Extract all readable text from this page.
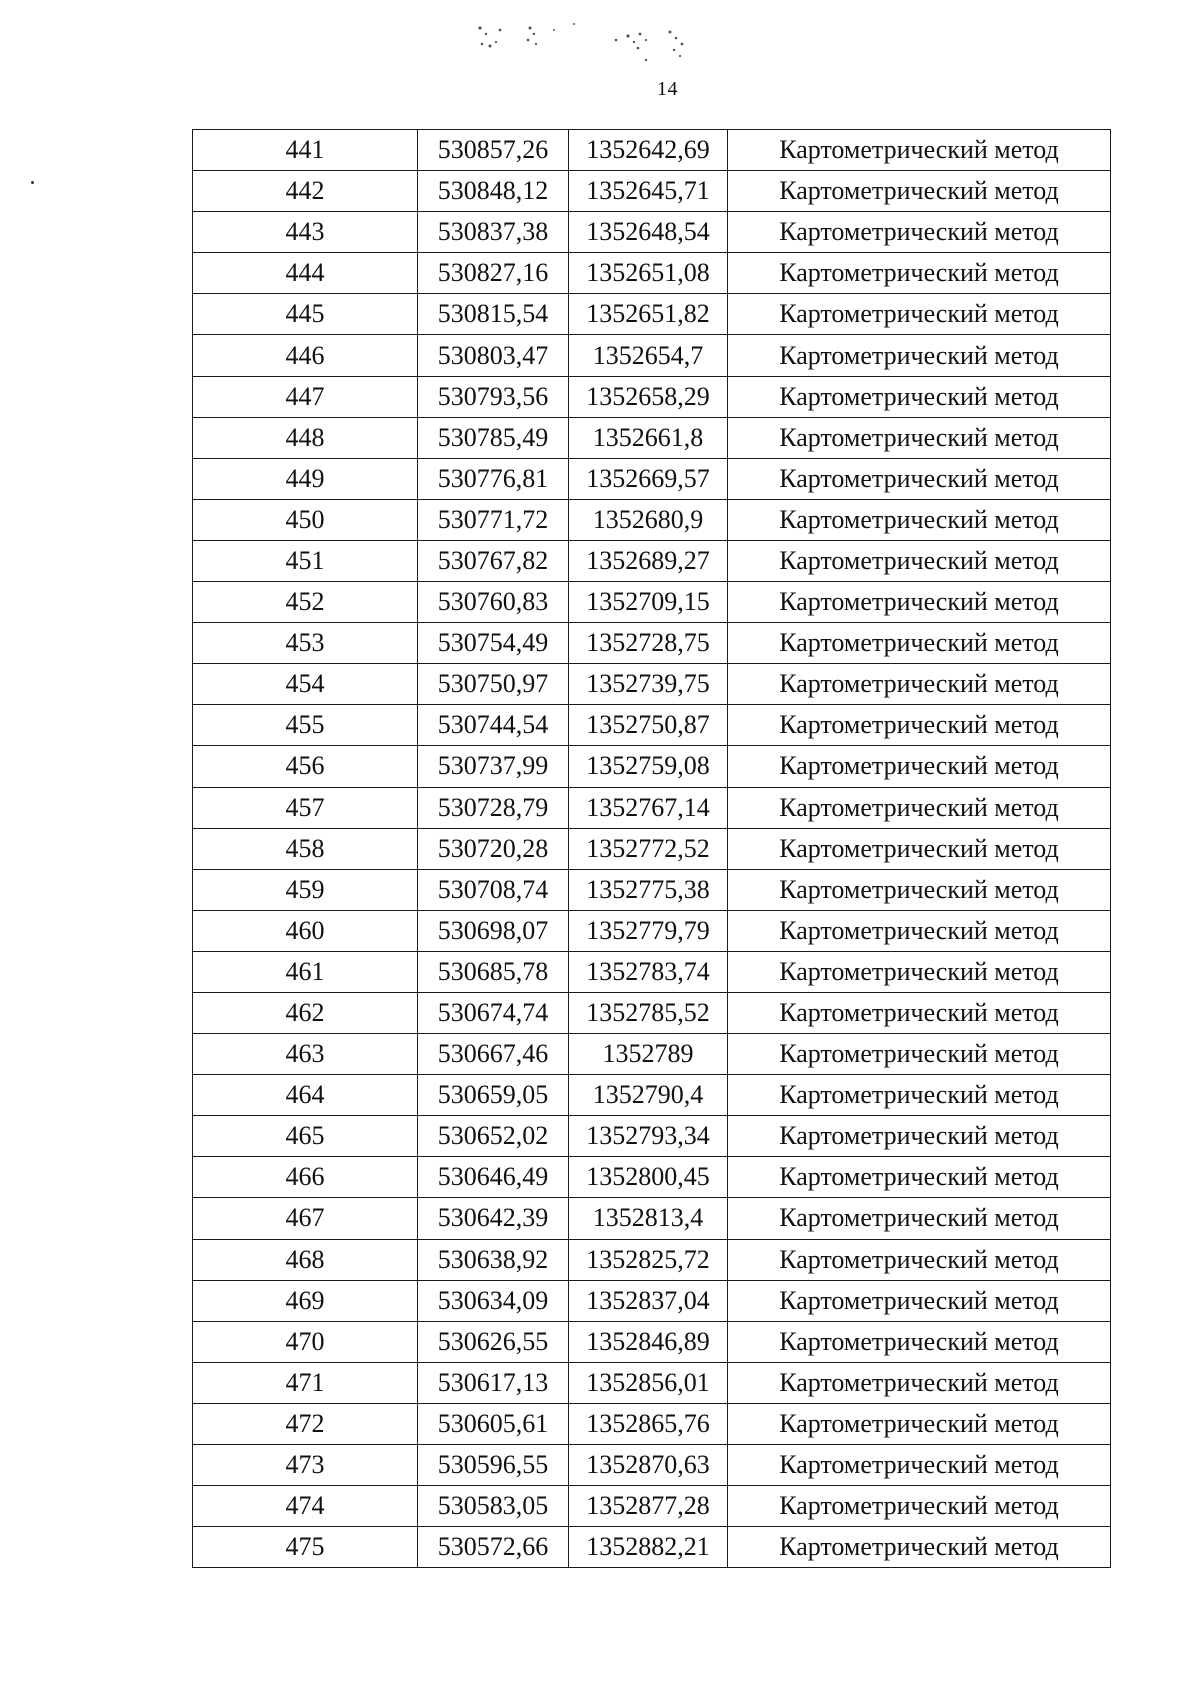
14
441	530857,26	1352642,69	Картометрический метод
442	530848,12	1352645,71	Картометрический метод
443	530837,38	1352648,54	Картометрический метод
444	530827,16	1352651,08	Картометрический метод
445	530815,54	1352651,82	Картометрический метод
446	530803,47	1352654,7	Картометрический метод
447	530793,56	1352658,29	Картометрический метод
448	530785,49	1352661,8	Картометрический метод
449	530776,81	1352669,57	Картометрический метод
450	530771,72	1352680,9	Картометрический метод
451	530767,82	1352689,27	Картометрический метод
452	530760,83	1352709,15	Картометрический метод
453	530754,49	1352728,75	Картометрический метод
454	530750,97	1352739,75	Картометрический метод
455	530744,54	1352750,87	Картометрический метод
456	530737,99	1352759,08	Картометрический метод
457	530728,79	1352767,14	Картометрический метод
458	530720,28	1352772,52	Картометрический метод
459	530708,74	1352775,38	Картометрический метод
460	530698,07	1352779,79	Картометрический метод
461	530685,78	1352783,74	Картометрический метод
462	530674,74	1352785,52	Картометрический метод
463	530667,46	1352789	Картометрический метод
464	530659,05	1352790,4	Картометрический метод
465	530652,02	1352793,34	Картометрический метод
466	530646,49	1352800,45	Картометрический метод
467	530642,39	1352813,4	Картометрический метод
468	530638,92	1352825,72	Картометрический метод
469	530634,09	1352837,04	Картометрический метод
470	530626,55	1352846,89	Картометрический метод
471	530617,13	1352856,01	Картометрический метод
472	530605,61	1352865,76	Картометрический метод
473	530596,55	1352870,63	Картометрический метод
474	530583,05	1352877,28	Картометрический метод
475	530572,66	1352882,21	Картометрический метод
